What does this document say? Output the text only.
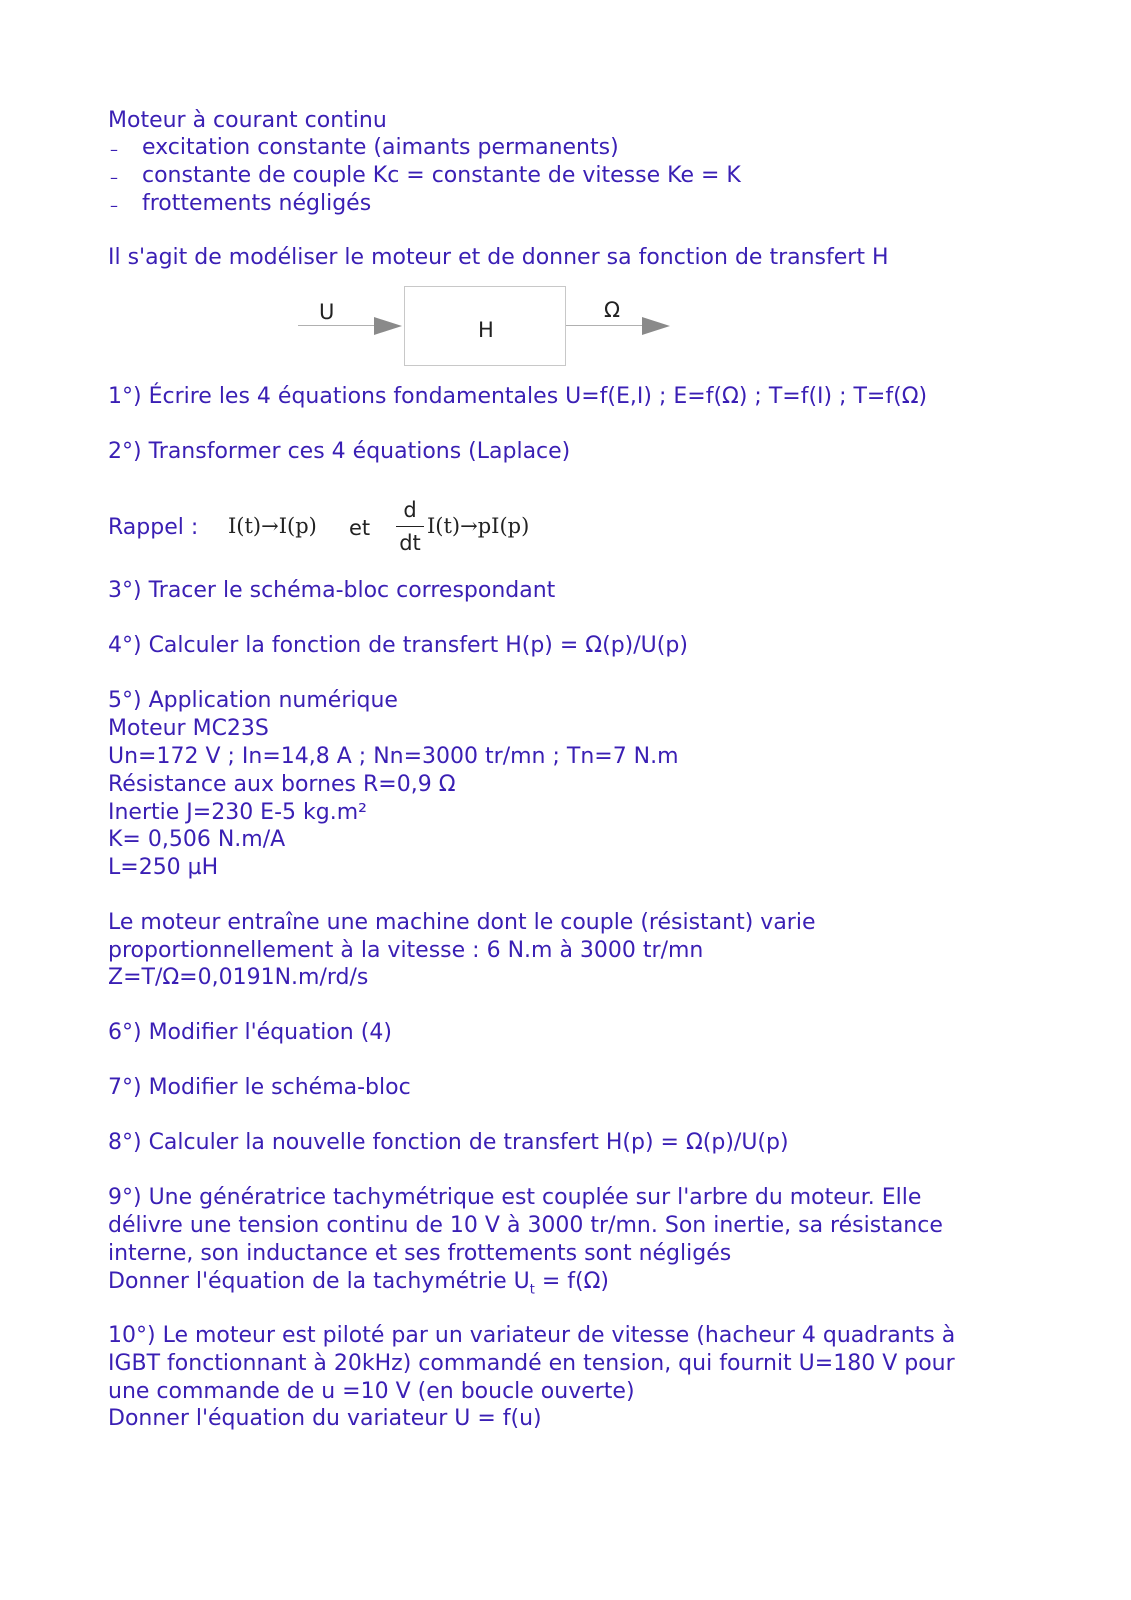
Moteur à courant continu
– excitation constante (aimants permanents)
– constante de couple Kc = constante de vitesse Ke = K
– frottements négligés
Il s'agit de modéliser le moteur et de donner sa fonction de transfert H
U
H
Ω
1°) Écrire les 4 équations fondamentales U=f(E,I) ; E=f(Ω) ; T=f(I) ; T=f(Ω)
2°) Transformer ces 4 équations (Laplace)
Rappel : I(t)→I(p) et
d
dt
I(t)→pI(p)
3°) Tracer le schéma-bloc correspondant
4°) Calculer la fonction de transfert H(p) = Ω(p)/U(p)
5°) Application numérique
Moteur MC23S
Un=172 V ; In=14,8 A ; Nn=3000 tr/mn ; Tn=7 N.m
Résistance aux bornes R=0,9 Ω
Inertie J=230 E-5 kg.m²
K= 0,506 N.m/A
L=250 µH
Le moteur entraîne une machine dont le couple (résistant) varie
proportionnellement à la vitesse : 6 N.m à 3000 tr/mn
Z=T/Ω=0,0191N.m/rd/s
6°) Modifier l'équation (4)
7°) Modifier le schéma-bloc
8°) Calculer la nouvelle fonction de transfert H(p) = Ω(p)/U(p)
9°) Une génératrice tachymétrique est couplée sur l'arbre du moteur. Elle
délivre une tension continu de 10 V à 3000 tr/mn. Son inertie, sa résistance
interne, son inductance et ses frottements sont négligés
Donner l'équation de la tachymétrie $U_t = f(\Omega)$
10°) Le moteur est piloté par un variateur de vitesse (hacheur 4 quadrants à
IGBT fonctionnant à 20kHz) commandé en tension, qui fournit U=180 V pour
une commande de u =10 V (en boucle ouverte)
Donner l'équation du variateur U = f(u)
